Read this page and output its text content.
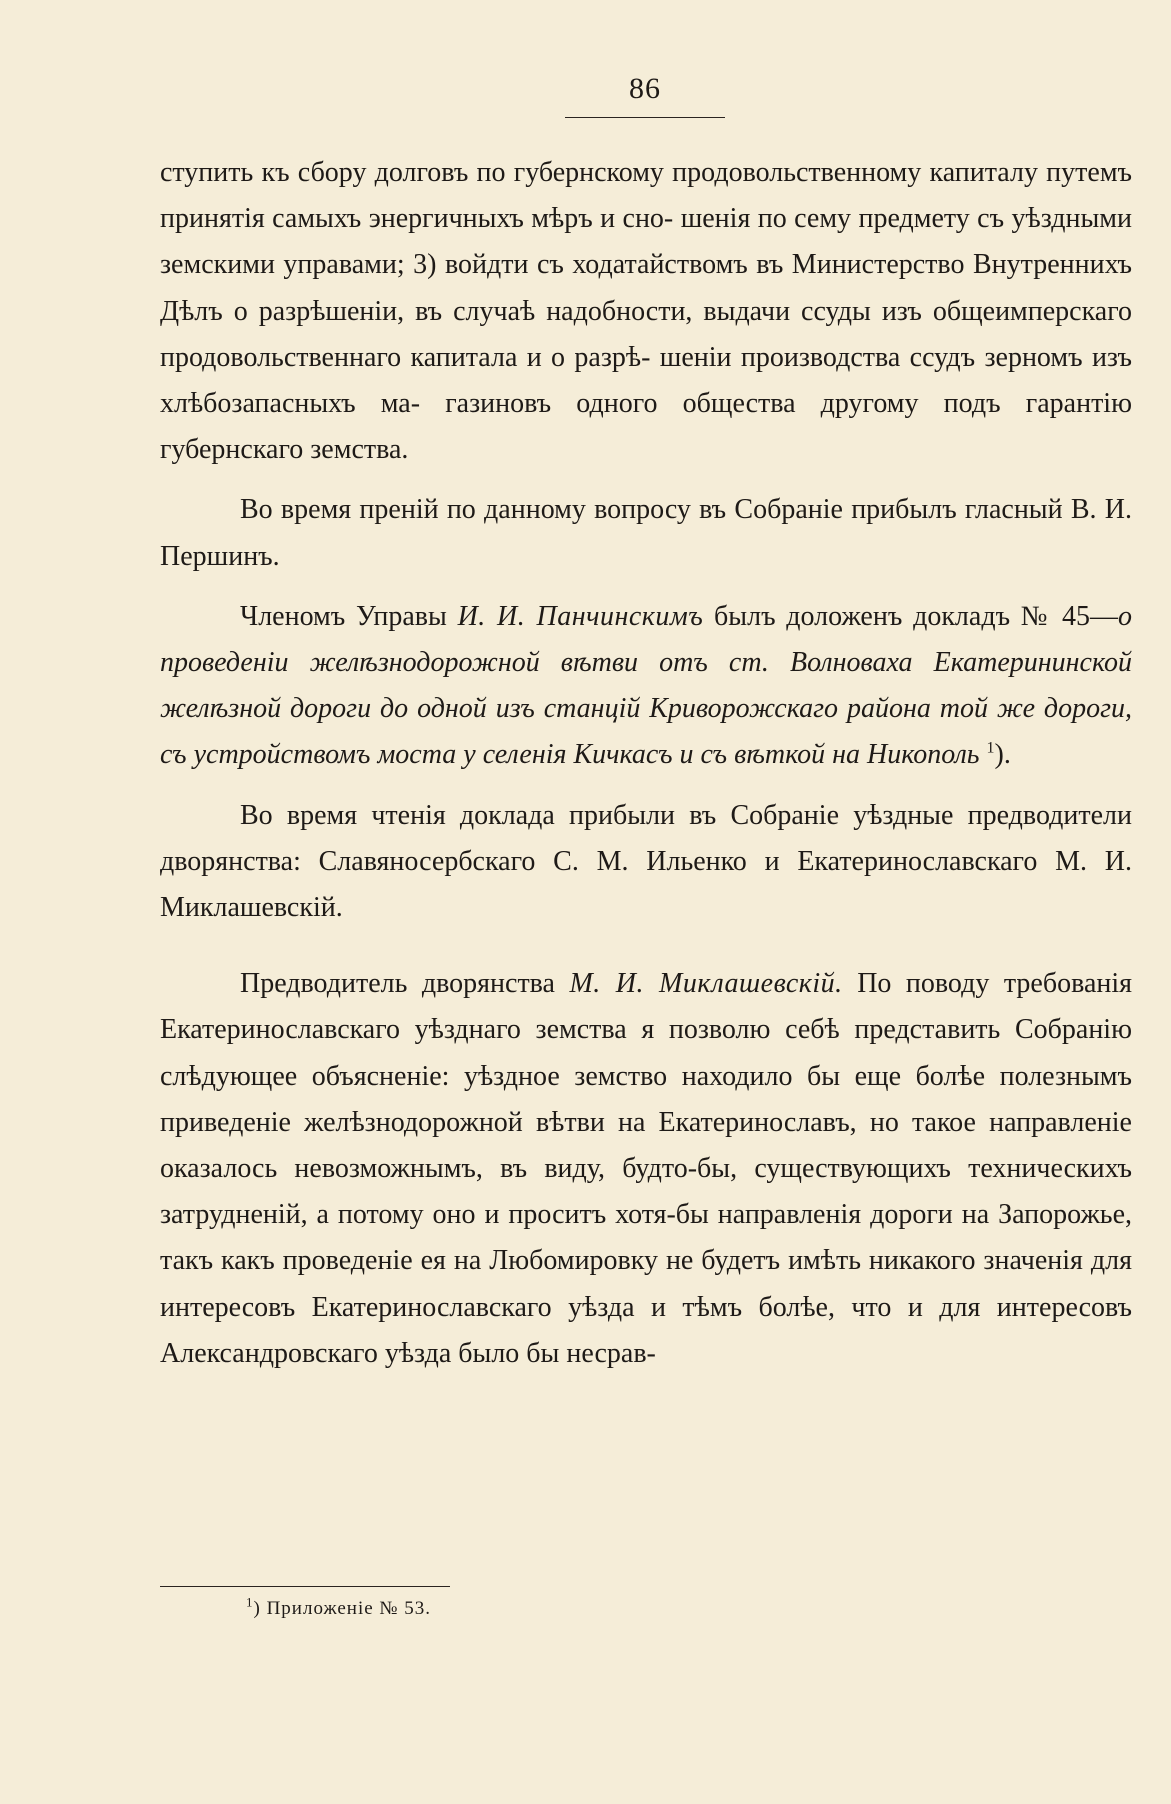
86

ступить къ сбору долговъ по губернскому продовольственному капиталу путемъ принятія самыхъ энергичныхъ мѣръ и сно- шенія по сему предмету съ уѣздными земскими управами; 3) войдти съ ходатайствомъ въ Министерство Внутреннихъ Дѣлъ о разрѣшеніи, въ случаѣ надобности, выдачи ссуды изъ общеимперскаго продовольственнаго капитала и о разрѣ- шеніи производства ссудъ зерномъ изъ хлѣбозапасныхъ ма- газиновъ одного общества другому подъ гарантію губернскаго земства.

Во время преній по данному вопросу въ Собраніе прибылъ гласный В. И. Першинъ.

Членомъ Управы И. И. Панчинскимъ былъ доложенъ докладъ № 45—о проведеніи желѣзнодорожной вѣтви отъ ст. Волноваха Екатерининской желѣзной дороги до одной изъ станцій Криворожскаго района той же дороги, съ устройствомъ моста у селенія Кичкасъ и съ вѣткой на Никополь $^1$).

Во время чтенія доклада прибыли въ Собраніе уѣздные предводители дворянства: Славяносербскаго С. М. Ильенко и Екатеринославскаго М. И. Миклашевскій.

Предводитель дворянства М. И. Миклашевскій. По поводу требованія Екатеринославскаго уѣзднаго земства я позволю себѣ представить Собранію слѣдующее объясненіе: уѣздное земство находило бы еще болѣе полезнымъ приведеніе желѣзнодорожной вѣтви на Екатеринославъ, но такое направленіе оказалось невозможнымъ, въ виду, будто-бы, существующихъ техническихъ затрудненій, а потому оно и проситъ хотя-бы направленія дороги на Запорожье, такъ какъ проведеніе ея на Любомировку не будетъ имѣть никакого значенія для интересовъ Екатеринославскаго уѣзда и тѣмъ болѣе, что и для интересовъ Александровскаго уѣзда было бы несрав-

$^1$) Приложеніе № 53.
